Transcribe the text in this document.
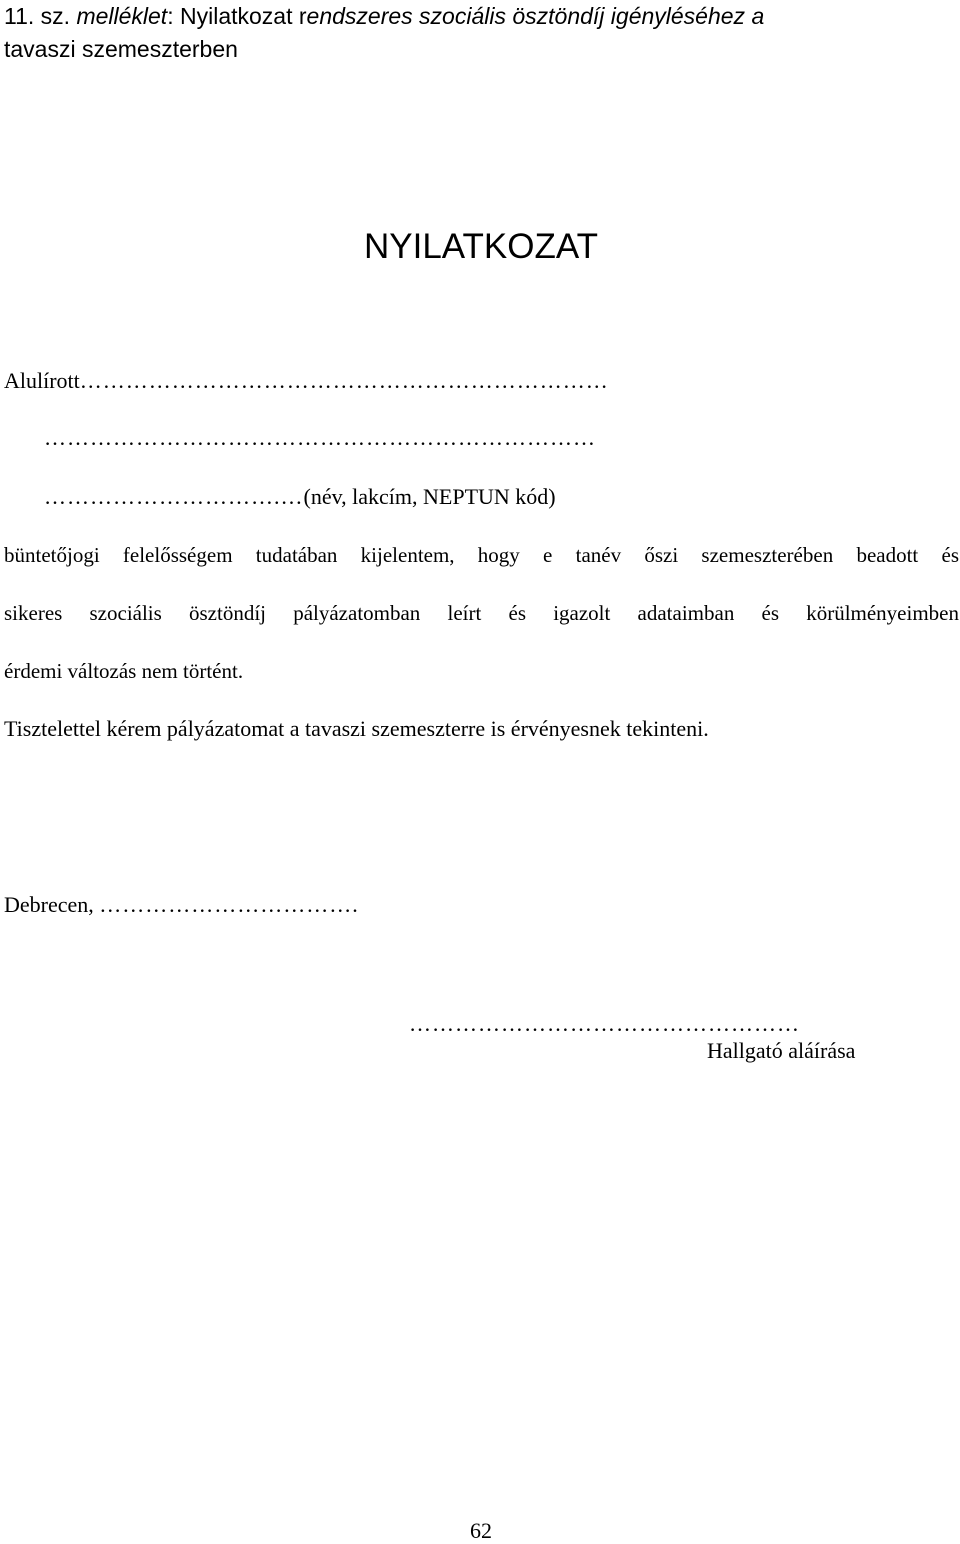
11. sz. melléklet: Nyilatkozat rendszeres szociális ösztöndíj igényléséhez a
tavaszi szemeszterben
NYILATKOZAT
Alulírott……………………………………………………………
………………………………………………………………
………………………….…(név, lakcím, NEPTUN kód)
büntetőjogi felelősségem tudatában kijelentem, hogy e tanév őszi szemeszterében beadott és
sikeres szociális ösztöndíj pályázatomban leírt és igazolt adataimban és körülményeimben
érdemi változás nem történt.
Tisztelettel kérem pályázatomat a tavaszi szemeszterre is érvényesnek tekinteni.
Debrecen, …………………………….
……………………………………………
Hallgató aláírása
62
